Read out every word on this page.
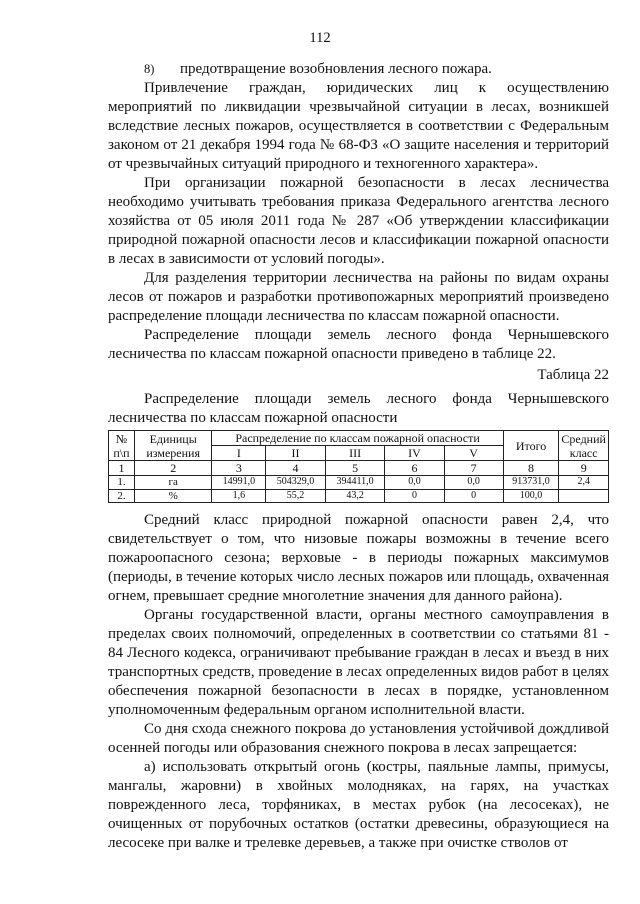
112
8)	предотвращение возобновления лесного пожара.

Привлечение граждан, юридических лиц к осуществлению мероприятий по ликвидации чрезвычайной ситуации в лесах, возникшей вследствие лесных пожаров, осуществляется в соответствии с Федеральным законом от 21 декабря 1994 года № 68-ФЗ «О защите населения и территорий от чрезвычайных ситуаций природного и техногенного характера».

При организации пожарной безопасности в лесах лесничества необходимо учитывать требования приказа Федерального агентства лесного хозяйства от 05 июля 2011 года № 287 «Об утверждении классификации природной пожарной опасности лесов и классификации пожарной опасности в лесах в зависимости от условий погоды».

Для разделения территории лесничества на районы по видам охраны лесов от пожаров и разработки противопожарных мероприятий произведено распределение площади лесничества по классам пожарной опасности.

Распределение площади земель лесного фонда Чернышевского лесничества по классам пожарной опасности приведено в таблице 22.

Таблица 22

Распределение площади земель лесного фонда Чернышевского лесничества по классам пожарной опасности

№ п\п	Единицы измерения	Распределение по классам пожарной опасности					Итого	Средний класс
		I	II	III	IV	V		
1	2	3	4	5	6	7	8	9
1.	га	14991,0	504329,0	394411,0	0,0	0,0	913731,0	2,4
2.	%	1,6	55,2	43,2	0	0	100,0	

Средний класс природной пожарной опасности равен 2,4, что свидетельствует о том, что низовые пожары возможны в течение всего пожароопасного сезона; верховые - в периоды пожарных максимумов (периоды, в течение которых число лесных пожаров или площадь, охваченная огнем, превышает средние многолетние значения для данного района).

Органы государственной власти, органы местного самоуправления в пределах своих полномочий, определенных в соответствии со статьями 81 - 84 Лесного кодекса, ограничивают пребывание граждан в лесах и въезд в них транспортных средств, проведение в лесах определенных видов работ в целях обеспечения пожарной безопасности в лесах в порядке, установленном уполномоченным федеральным органом исполнительной власти.

Со дня схода снежного покрова до установления устойчивой дождливой осенней погоды или образования снежного покрова в лесах запрещается:

а) использовать открытый огонь (костры, паяльные лампы, примусы, мангалы, жаровни) в хвойных молодняках, на гарях, на участках поврежденного леса, торфяниках, в местах рубок (на лесосеках), не очищенных от порубочных остатков (остатки древесины, образующиеся на лесосеке при валке и трелевке деревьев, а также при очистке стволов от
